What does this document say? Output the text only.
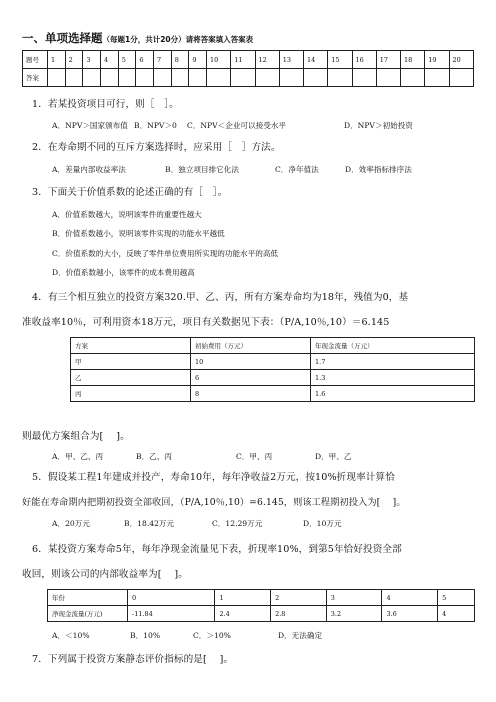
一、单项选择题（每题1分，共计20分）请将答案填入答案表
题号	1	2	3	4	5	6	7	8	9	10	11	12	13	14	15	16	17	18	19	20
答案																				
1．若某投资项目可行，则［　］。
A．NPV＞国家颁布值 B．NPV＞0 C．NPV＜企业可以接受水平	D．NPV＞初始投资
2．在寿命期不同的互斥方案选择时，应采用［　］方法。
A．差量内部收益率法	B．独立项目排它化法	C．净年值法	D．效率指标排序法
3．下面关于价值系数的论述正确的有［　］。
A．价值系数越大，说明该零件的重要性越大
B．价值系数越小，说明该零件实现的功能水平越低
C．价值系数的大小，反映了零件单位费用所实现的功能水平的高低
D．价值系数越小，该零件的成本费用越高
4．有三个相互独立的投资方案320.甲、乙、丙，所有方案寿命均为18年，残值为0，基
准收益率10％，可利用资本18万元，项目有关数据见下表：（P/A,10％,10）＝6.145
方案	初始费用（万元）	年现金流量（万元）
甲	10	1.7
乙	6	1.3
丙	8	1.6
则最优方案组合为[　 ]。
A．甲、乙、丙	B．乙、丙	C．甲、丙	D．甲、乙
5．假设某工程1年建成并投产，寿命10年，每年净收益2万元，按10%折现率计算恰
好能在寿命期内把期初投资全部收回，（P/A,10％,10）=6.145，则该工程期初投入为[　 ]。
A．20万元	B．18.42万元	C．12.29万元	D．10万元
6．某投资方案寿命5年，每年净现金流量见下表，折现率10%，到第5年恰好投资全部
收回，则该公司的内部收益率为[　 ]。
年份	0	1	2	3	4	5
净现金流量(万元)	-11.84	2.4	2.8	3.2	3.6	4
A．＜10%	B．10%	C．＞10%	D．无法确定
7．下列属于投资方案静态评价指标的是[　 ]。
